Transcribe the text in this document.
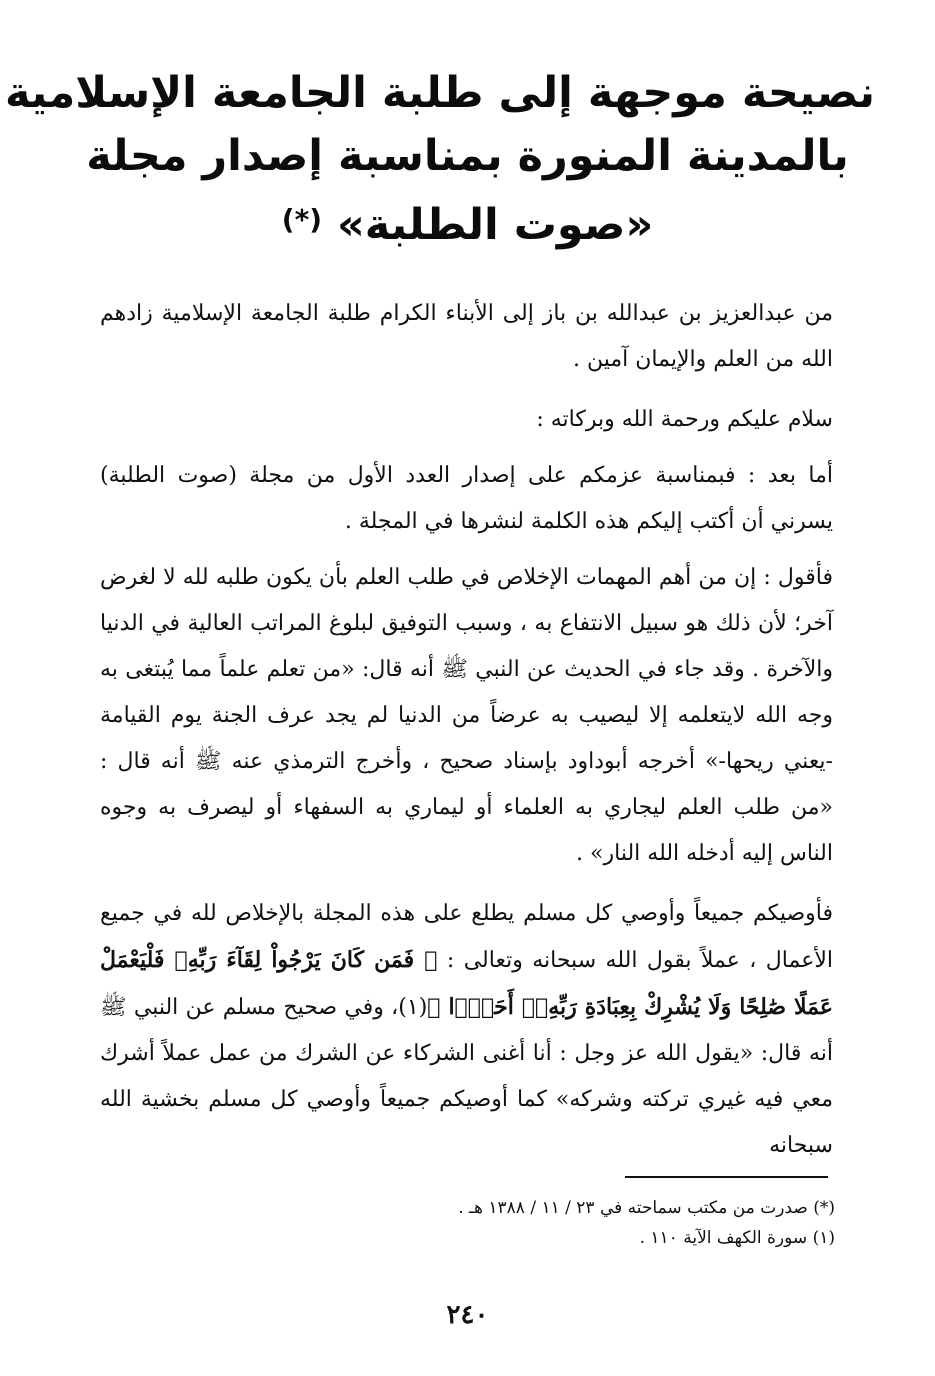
نصيحة موجهة إلى طلبة الجامعة الإسلامية
بالمدينة المنورة بمناسبة إصدار مجلة
«صوت الطلبة» (*)

من عبدالعزيز بن عبدالله بن باز إلى الأبناء الكرام طلبة الجامعة الإسلامية زادهم الله من العلم والإيمان آمين .

سلام عليكم ورحمة الله وبركاته :

أما بعد : فبمناسبة عزمكم على إصدار العدد الأول من مجلة (صوت الطلبة) يسرني أن أكتب إليكم هذه الكلمة لنشرها في المجلة .

فأقول : إن من أهم المهمات الإخلاص في طلب العلم بأن يكون طلبه لله لا لغرض آخر؛ لأن ذلك هو سبيل الانتفاع به ، وسبب التوفيق لبلوغ المراتب العالية في الدنيا والآخرة . وقد جاء في الحديث عن النبي ﷺ أنه قال: «من تعلم علماً مما يُبتغى به وجه الله لايتعلمه إلا ليصيب به عرضاً من الدنيا لم يجد عرف الجنة يوم القيامة -يعني ريحها-» أخرجه أبوداود بإسناد صحيح ، وأخرج الترمذي عنه ﷺ أنه قال : «من طلب العلم ليجاري به العلماء أو ليماري به السفهاء أو ليصرف به وجوه الناس إليه أدخله الله النار» .

فأوصيكم جميعاً وأوصي كل مسلم يطلع على هذه المجلة بالإخلاص لله في جميع الأعمال ، عملاً بقول الله سبحانه وتعالى : ﴿ فَمَن كَانَ يَرْجُواْ لِقَآءَ رَبِّهِۦ فَلْيَعْمَلْ عَمَلًا صَٰلِحًا وَلَا يُشْرِكْ بِعِبَادَةِ رَبِّهِۦٓ أَحَدًۢا ﴾(١)، وفي صحيح مسلم عن النبي ﷺ أنه قال: «يقول الله عز وجل : أنا أغنى الشركاء عن الشرك من عمل عملاً أشرك معي فيه غيري تركته وشركه» كما أوصيكم جميعاً وأوصي كل مسلم بخشية الله سبحانه

(*) صدرت من مكتب سماحته في ٢٣ / ١١ / ١٣٨٨ هـ .
(١) سورة الكهف الآية ١١٠ .
٢٤٠
